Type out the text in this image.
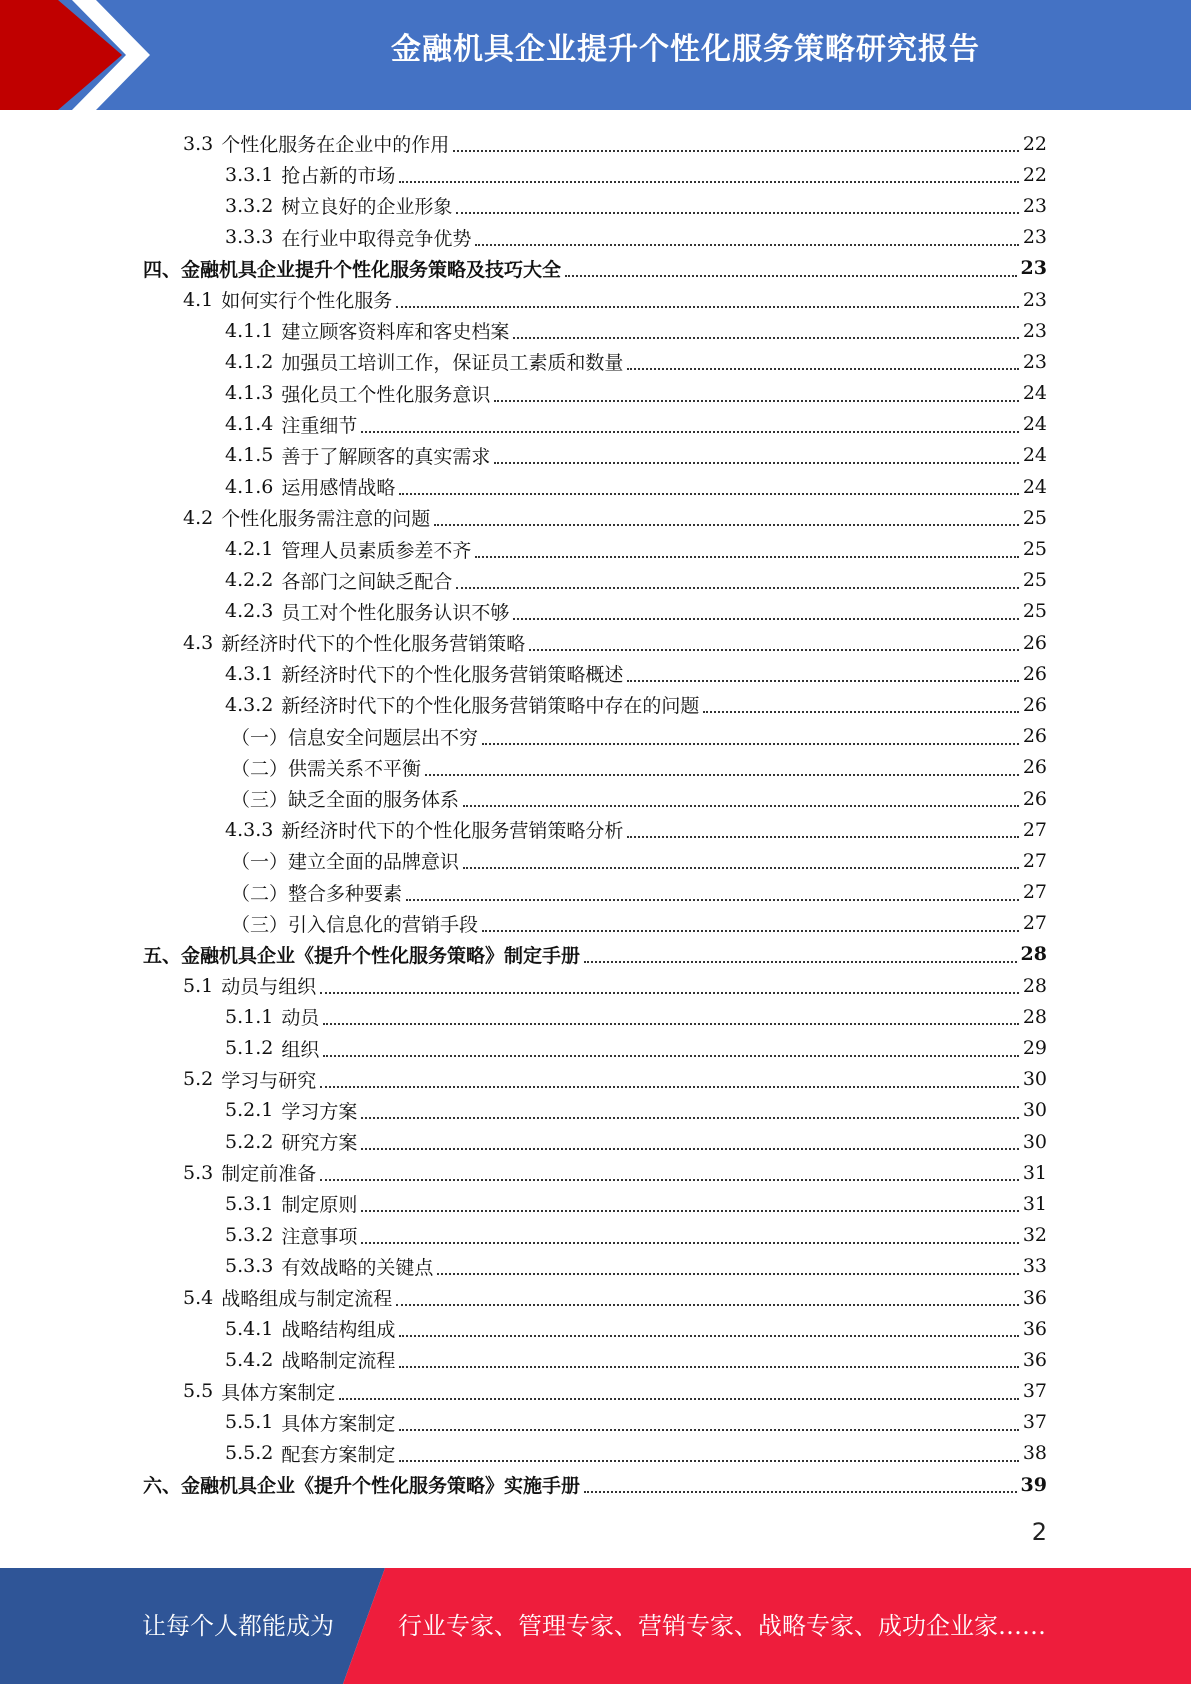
金融机具企业提升个性化服务策略研究报告
3.3 个性化服务在企业中的作用	22
3.3.1 抢占新的市场	22
3.3.2 树立良好的企业形象	23
3.3.3 在行业中取得竞争优势	23
四、金融机具企业提升个性化服务策略及技巧大全	23
4.1 如何实行个性化服务	23
4.1.1 建立顾客资料库和客史档案	23
4.1.2 加强员工培训工作，保证员工素质和数量	23
4.1.3 强化员工个性化服务意识	24
4.1.4 注重细节	24
4.1.5 善于了解顾客的真实需求	24
4.1.6 运用感情战略	24
4.2 个性化服务需注意的问题	25
4.2.1 管理人员素质参差不齐	25
4.2.2 各部门之间缺乏配合	25
4.2.3 员工对个性化服务认识不够	25
4.3 新经济时代下的个性化服务营销策略	26
4.3.1 新经济时代下的个性化服务营销策略概述	26
4.3.2 新经济时代下的个性化服务营销策略中存在的问题	26
（一）信息安全问题层出不穷	26
（二）供需关系不平衡	26
（三）缺乏全面的服务体系	26
4.3.3 新经济时代下的个性化服务营销策略分析	27
（一）建立全面的品牌意识	27
（二）整合多种要素	27
（三）引入信息化的营销手段	27
五、金融机具企业《提升个性化服务策略》制定手册	28
5.1 动员与组织	28
5.1.1 动员	28
5.1.2 组织	29
5.2 学习与研究	30
5.2.1 学习方案	30
5.2.2 研究方案	30
5.3 制定前准备	31
5.3.1 制定原则	31
5.3.2 注意事项	32
5.3.3 有效战略的关键点	33
5.4 战略组成与制定流程	36
5.4.1 战略结构组成	36
5.4.2 战略制定流程	36
5.5 具体方案制定	37
5.5.1 具体方案制定	37
5.5.2 配套方案制定	38
六、金融机具企业《提升个性化服务策略》实施手册	39
2
让每个人都能成为	行业专家、管理专家、营销专家、战略专家、成功企业家……
